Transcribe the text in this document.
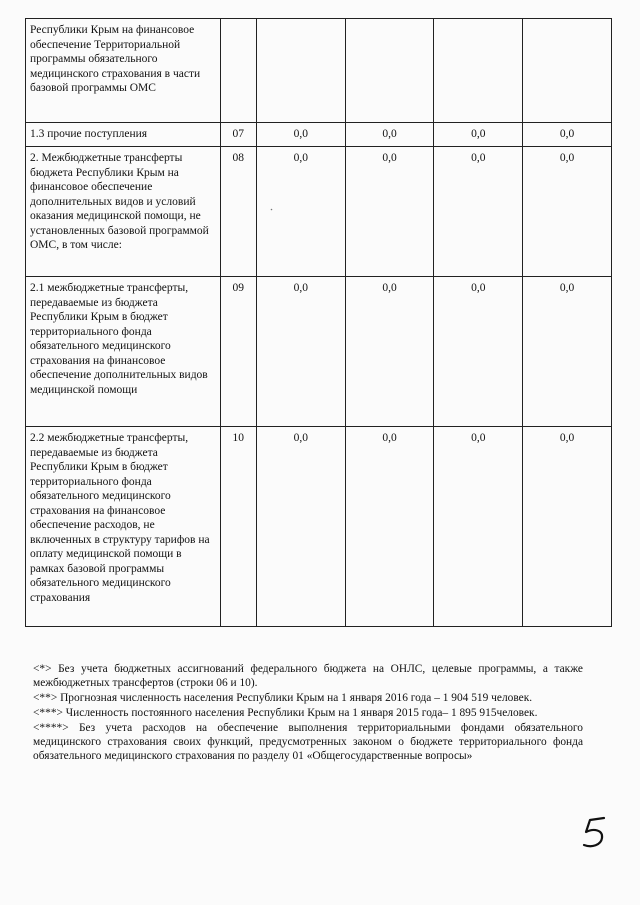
Республики Крым на финансовое обеспечение Территориальной программы обязательного медицинского страхования в части базовой программы ОМС					

1.3 прочие поступления	07	0,0	0,0	0,0	0,0

2. Межбюджетные трансферты бюджета Республики Крым на финансовое обеспечение дополнительных видов и условий оказания медицинской помощи, не установленных базовой программой ОМС, в том числе:	08	0,0	0,0	0,0	0,0

2.1 межбюджетные трансферты, передаваемые из бюджета Республики Крым в бюджет территориального фонда обязательного медицинского страхования на финансовое обеспечение дополнительных видов медицинской помощи	09	0,0	0,0	0,0	0,0

2.2 межбюджетные трансферты, передаваемые из бюджета Республики Крым в бюджет территориального фонда обязательного медицинского страхования на финансовое обеспечение расходов, не включенных в структуру тарифов на оплату медицинской помощи в рамках базовой программы обязательного медицинского страхования	10	0,0	0,0	0,0	0,0

<*> Без учета бюджетных ассигнований федерального бюджета на ОНЛС, целевые программы, а также межбюджетных трансфертов (строки 06 и 10).

<**> Прогнозная численность населения Республики Крым на 1 января 2016 года – 1 904 519 человек.

<***> Численность постоянного населения Республики Крым на 1 января 2015 года– 1 895 915человек.

<****> Без учета расходов на обеспечение выполнения территориальными фондами обязательного медицинского страхования своих функций, предусмотренных законом о бюджете территориального фонда обязательного медицинского страхования по разделу 01 «Общегосударственные вопросы»
